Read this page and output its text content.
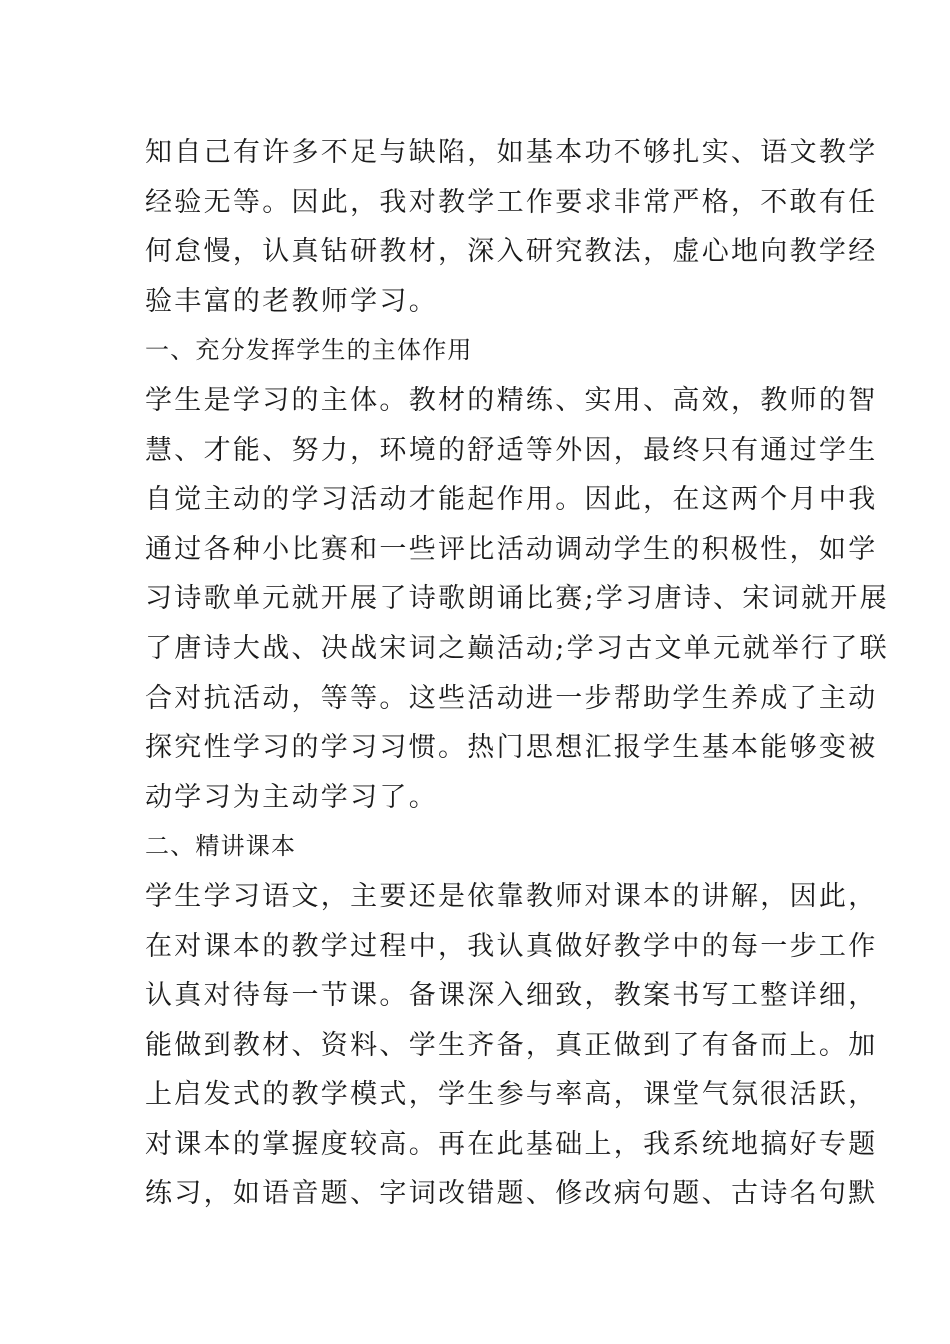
知自己有许多不足与缺陷，如基本功不够扎实、语文教学
经验无等。因此，我对教学工作要求非常严格，不敢有任
何怠慢，认真钻研教材，深入研究教法，虚心地向教学经
验丰富的老教师学习。
一、充分发挥学生的主体作用
学生是学习的主体。教材的精练、实用、高效，教师的智
慧、才能、努力，环境的舒适等外因，最终只有通过学生
自觉主动的学习活动才能起作用。因此，在这两个月中我
通过各种小比赛和一些评比活动调动学生的积极性，如学
习诗歌单元就开展了诗歌朗诵比赛;学习唐诗、宋词就开展
了唐诗大战、决战宋词之巅活动;学习古文单元就举行了联
合对抗活动，等等。这些活动进一步帮助学生养成了主动
探究性学习的学习习惯。热门思想汇报学生基本能够变被
动学习为主动学习了。
二、精讲课本
学生学习语文，主要还是依靠教师对课本的讲解，因此，
在对课本的教学过程中，我认真做好教学中的每一步工作
认真对待每一节课。备课深入细致，教案书写工整详细，
能做到教材、资料、学生齐备，真正做到了有备而上。加
上启发式的教学模式，学生参与率高，课堂气氛很活跃，
对课本的掌握度较高。再在此基础上，我系统地搞好专题
练习，如语音题、字词改错题、修改病句题、古诗名句默
